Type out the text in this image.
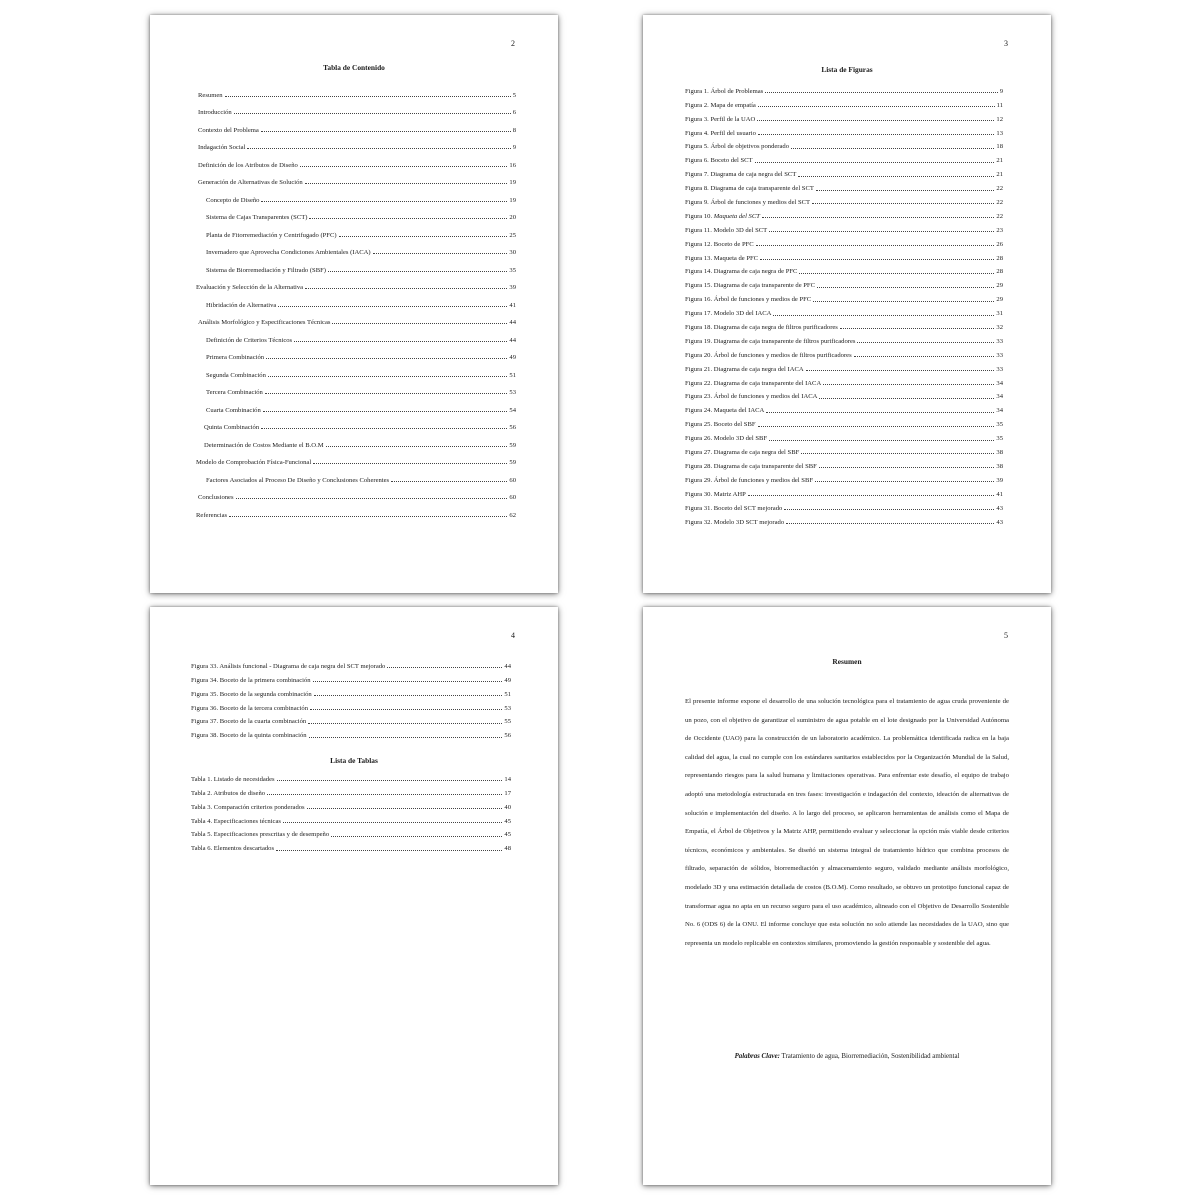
2
Tabla de Contenido
Resumen	5
Introducción	6
Contexto del Problema	8
Indagación Social	9
Definición de los Atributos de Diseño	16
Generación de Alternativas de Solución	19
Concepto de Diseño	19
Sistema de Cajas Transparentes (SCT)	20
Planta de Fitorremediación y Centrifugado (PFC)	25
Invernadero que Aprovecha Condiciones Ambientales (IACA)	30
Sistema de Biorremediación y Filtrado (SBF)	35
Evaluación y Selección de la Alternativa	39
Hibridación de Alternativa	41
Análisis Morfológico y Especificaciones Técnicas	44
Definición de Criterios Técnicos	44
Primera Combinación	49
Segunda Combinación	51
Tercera Combinación	53
Cuarta Combinación	54
Quinta Combinación	56
Determinación de Costos Mediante el B.O.M	59
Modelo de Comprobación Física-Funcional	59
Factores Asociados al Proceso De Diseño y Conclusiones Coherentes	60
Conclusiones	60
Referencias	62
3
Lista de Figuras
Figura 1. Árbol de Problemas	9
Figura 2. Mapa de empatía	11
Figura 3. Perfil de la UAO	12
Figura 4. Perfil del usuario	13
Figura 5. Árbol de objetivos ponderado	18
Figura 6. Boceto del SCT	21
Figura 7. Diagrama de caja negra del SCT	21
Figura 8. Diagrama de caja transparente del SCT	22
Figura 9. Árbol de funciones y medios del SCT	22
Figura 10. Maqueta del SCT	22
Figura 11. Modelo 3D del SCT	23
Figura 12. Boceto de PFC	26
Figura 13. Maqueta de PFC	28
Figura 14. Diagrama de caja negra de PFC	28
Figura 15. Diagrama de caja transparente de PFC	29
Figura 16. Árbol de funciones y medios de PFC	29
Figura 17. Modelo 3D del IACA	31
Figura 18. Diagrama de caja negra de filtros purificadores	32
Figura 19. Diagrama de caja transparente de filtros purificadores	33
Figura 20. Árbol de funciones y medios de filtros purificadores	33
Figura 21. Diagrama de caja negra del IACA	33
Figura 22. Diagrama de caja transparente del IACA	34
Figura 23. Árbol de funciones y medios del IACA	34
Figura 24. Maqueta del IACA	34
Figura 25. Boceto del SBF	35
Figura 26. Modelo 3D del SBF	35
Figura 27. Diagrama de caja negra del SBF	38
Figura 28. Diagrama de caja transparente del SBF	38
Figura 29. Árbol de funciones y medios del SBF	39
Figura 30. Matriz AHP	41
Figura 31. Boceto del SCT mejorado	43
Figura 32. Modelo 3D SCT mejorado	43
4
Figura 33. Análisis funcional - Diagrama de caja negra del SCT mejorado	44
Figura 34. Boceto de la primera combinación	49
Figura 35. Boceto de la segunda combinación	51
Figura 36. Boceto de la tercera combinación	53
Figura 37. Boceto de la cuarta combinación	55
Figura 38. Boceto de la quinta combinación	56
Lista de Tablas
Tabla 1. Listado de necesidades	14
Tabla 2. Atributos de diseño	17
Tabla 3. Comparación criterios ponderados	40
Tabla 4. Especificaciones técnicas	45
Tabla 5. Especificaciones prescritas y de desempeño	45
Tabla 6. Elementos descartados	48
5
Resumen

El presente informe expone el desarrollo de una solución tecnológica para el tratamiento de agua cruda proveniente de un pozo, con el objetivo de garantizar el suministro de agua potable en el lote designado por la Universidad Autónoma de Occidente (UAO) para la construcción de un laboratorio académico. La problemática identificada radica en la baja calidad del agua, la cual no cumple con los estándares sanitarios establecidos por la Organización Mundial de la Salud, representando riesgos para la salud humana y limitaciones operativas. Para enfrentar este desafío, el equipo de trabajo adoptó una metodología estructurada en tres fases: investigación e indagación del contexto, ideación de alternativas de solución e implementación del diseño. A lo largo del proceso, se aplicaron herramientas de análisis como el Mapa de Empatía, el Árbol de Objetivos y la Matriz AHP, permitiendo evaluar y seleccionar la opción más viable desde criterios técnicos, económicos y ambientales. Se diseñó un sistema integral de tratamiento hídrico que combina procesos de filtrado, separación de sólidos, biorremediación y almacenamiento seguro, validado mediante análisis morfológico, modelado 3D y una estimación detallada de costos (B.O.M). Como resultado, se obtuvo un prototipo funcional capaz de transformar agua no apta en un recurso seguro para el uso académico, alineado con el Objetivo de Desarrollo Sostenible No. 6 (ODS 6) de la ONU. El informe concluye que esta solución no solo atiende las necesidades de la UAO, sino que representa un modelo replicable en contextos similares, promoviendo la gestión responsable y sostenible del agua.

Palabras Clave: Tratamiento de agua, Biorremediación, Sostenibilidad ambiental
